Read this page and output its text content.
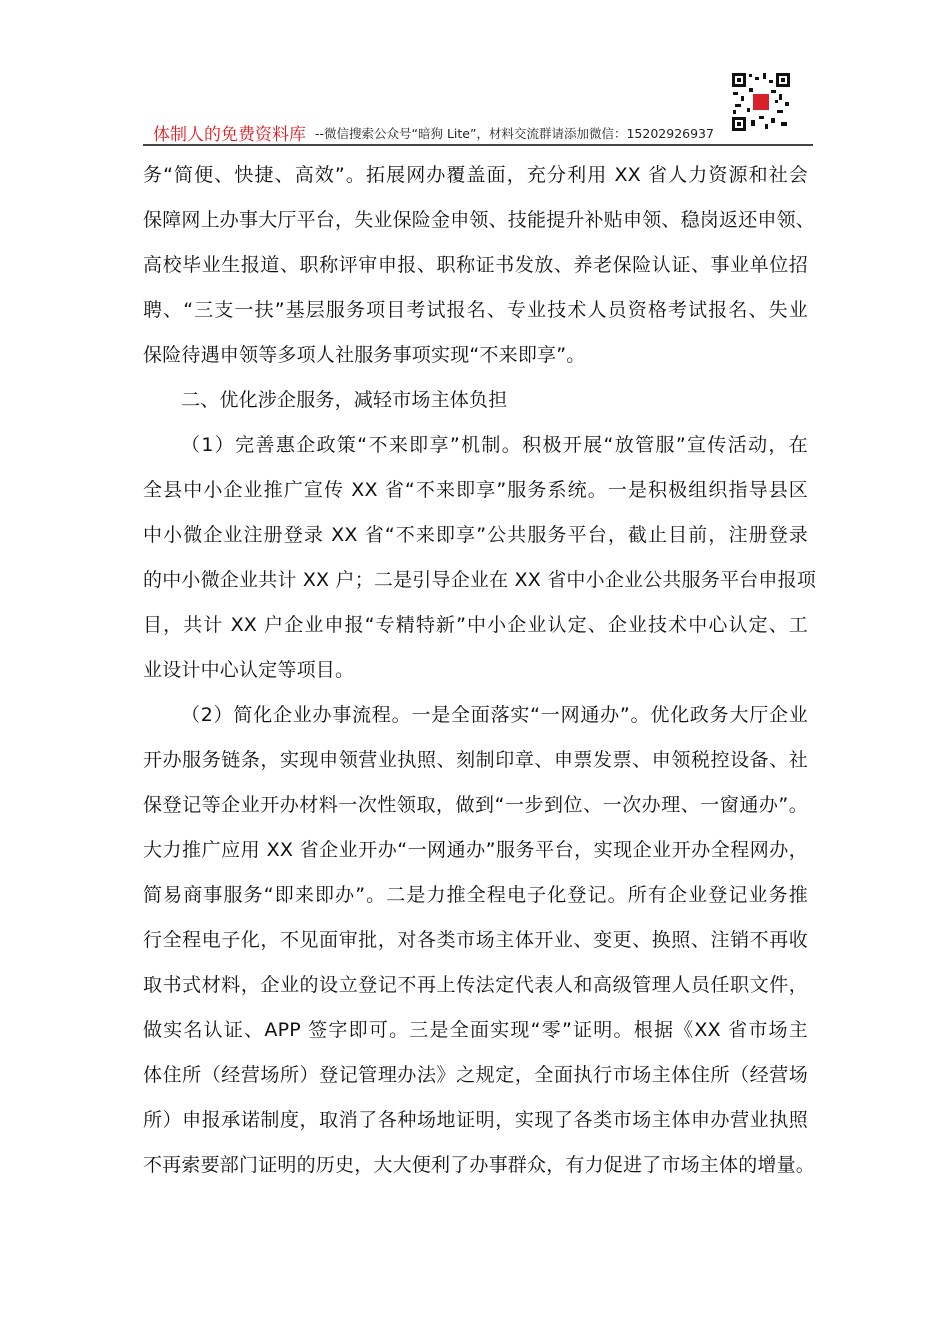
体制人的免费资料库 --微信搜索公众号“暗狗 Lite”，材料交流群请添加微信：15202926937
务“简便、快捷、高效”。拓展网办覆盖面，充分利用 XX 省人力资源和社会
保障网上办事大厅平台，失业保险金申领、技能提升补贴申领、稳岗返还申领、
高校毕业生报道、职称评审申报、职称证书发放、养老保险认证、事业单位招
聘、“三支一扶”基层服务项目考试报名、专业技术人员资格考试报名、失业
保险待遇申领等多项人社服务事项实现“不来即享”。
二、优化涉企服务，减轻市场主体负担
（1）完善惠企政策“不来即享”机制。积极开展“放管服”宣传活动，在
全县中小企业推广宣传 XX 省“不来即享”服务系统。一是积极组织指导县区
中小微企业注册登录 XX 省“不来即享”公共服务平台，截止目前，注册登录
的中小微企业共计 XX 户；二是引导企业在 XX 省中小企业公共服务平台申报项
目，共计 XX 户企业申报“专精特新”中小企业认定、企业技术中心认定、工
业设计中心认定等项目。
（2）简化企业办事流程。一是全面落实“一网通办”。优化政务大厅企业
开办服务链条，实现申领营业执照、刻制印章、申票发票、申领税控设备、社
保登记等企业开办材料一次性领取，做到“一步到位、一次办理、一窗通办”。
大力推广应用 XX 省企业开办“一网通办”服务平台，实现企业开办全程网办，
简易商事服务“即来即办”。二是力推全程电子化登记。所有企业登记业务推
行全程电子化，不见面审批，对各类市场主体开业、变更、换照、注销不再收
取书式材料，企业的设立登记不再上传法定代表人和高级管理人员任职文件，
做实名认证、APP 签字即可。三是全面实现“零”证明。根据《XX 省市场主
体住所（经营场所）登记管理办法》之规定，全面执行市场主体住所（经营场
所）申报承诺制度，取消了各种场地证明，实现了各类市场主体申办营业执照
不再索要部门证明的历史，大大便利了办事群众，有力促进了市场主体的增量。
